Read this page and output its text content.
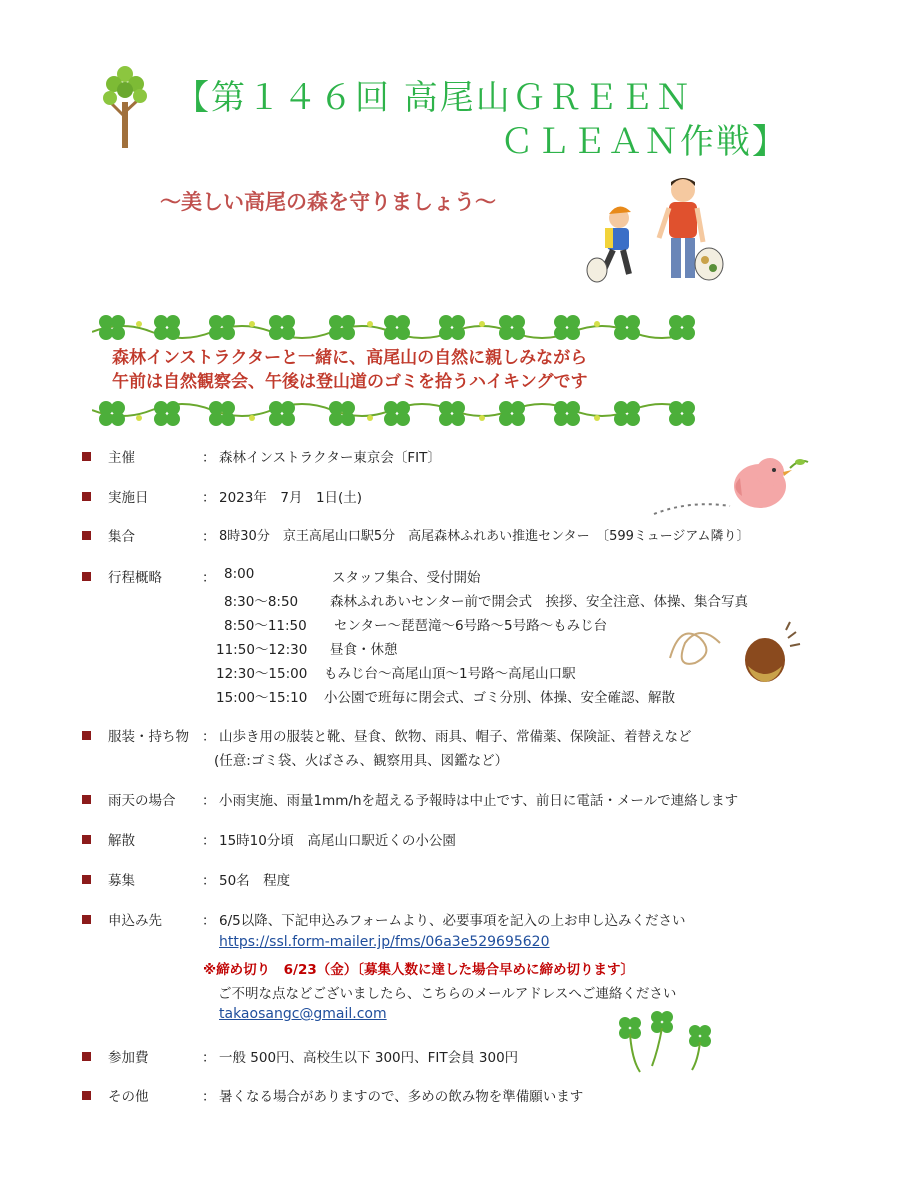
【第１４６回 高尾山ＧＲＥＥＮ
ＣＬＥＡＮ作戦】
～美しい高尾の森を守りましょう～
森林インストラクターと一緒に、高尾山の自然に親しみながら
午前は自然観察会、午後は登山道のゴミを拾うハイキングです
主催	： 森林インストラクター東京会〔FIT〕
実施日	： 2023年　7月　1日(土)
集合	： 8時30分　京王高尾山口駅5分　高尾森林ふれあい推進センター　〔599ミュージアム隣り〕
行程概略	： 8:00	スタッフ集合、受付開始
8:30～8:50 森林ふれあいセンター前で開会式　挨拶、安全注意、体操、集合写真
8:50～11:50 センター～琵琶滝～6号路～5号路～もみじ台
11:50～12:30 昼食・休憩
12:30～15:00 もみじ台～高尾山頂～1号路～高尾山口駅
15:00～15:10 小公園で班毎に閉会式、ゴミ分別、体操、安全確認、解散
服装・持ち物 ： 山歩き用の服装と靴、昼食、飲物、雨具、帽子、常備薬、保険証、着替えなど
(任意:ゴミ袋、火ばさみ、観察用具、図鑑など）
雨天の場合 ： 小雨実施、雨量1mm/hを超える予報時は中止です、前日に電話・メールで連絡します
解散	： 15時10分頃　高尾山口駅近くの小公園
募集	： 50名　程度
申込み先	： 6/5以降、下記申込みフォームより、必要事項を記入の上お申し込みください
https://ssl.form-mailer.jp/fms/06a3e529695620
※締め切り　6/23（金）〔募集人数に達した場合早めに締め切ります〕
ご不明な点などございましたら、こちらのメールアドレスへご連絡ください
takaosangc@gmail.com
参加費	： 一般 500円、高校生以下 300円、FIT会員 300円
その他	： 暑くなる場合がありますので、多めの飲み物を準備願います
